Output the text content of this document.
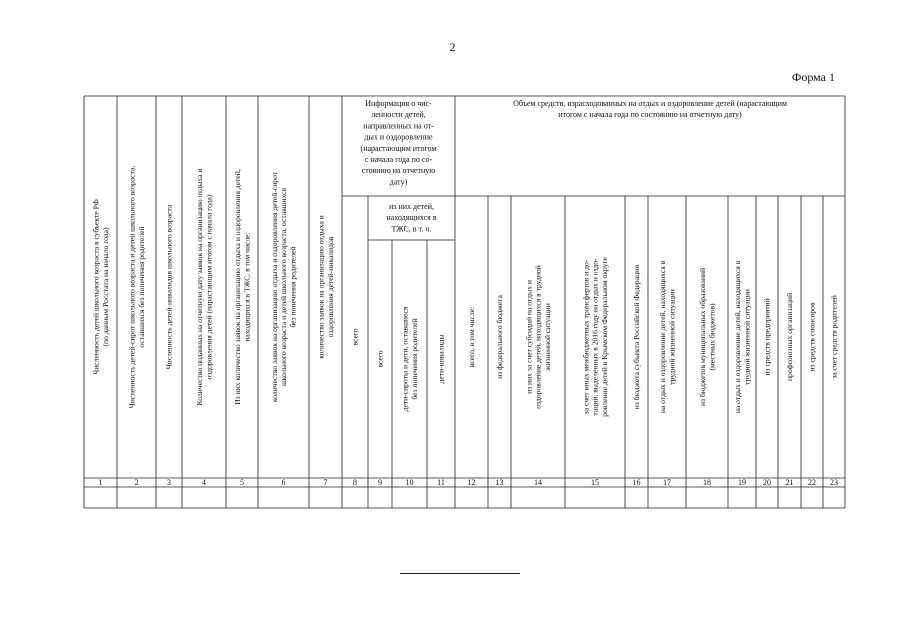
2
Форма 1
Численность детей школьного возраста в субъекте РФ (по данным Росстата на начало года)
1
Численность детей-сирот школьного возраста и детей школьного возраста, оставшихся без попечения родителей
2
Численность детей-инвалидов школьного возраста
3
Количество поданных на отчетную дату заявок на организацию отдыха и оздоровления детей (нарастающим итогом с начала года)
4
Из них количество заявок на организацию отдыха и оздоровления детей, находящихся в ТЖС, в том числе:
5
количество заявок на организацию отдыха и оздоровления детей-сирот школьного возраста и детей школьного возраста, оставшихся без попечения родителей
6
количество заявок на организацию отдыха и оздоровления детей-инвалидов
7
всего
8
всего
9
дети-сироты и дети, оставшиеся без попечения родителей
10
дети-инвалиды
11
всего, в том числе:
12
из федерального бюджета
13
из них за счет субсидий на отдых и оздоровление детей, находящихся в трудной жизненной ситуации
14
за счет иных межбюджетных трансфертов и до- таций, выделенных в 2016 году на отдых и оздо- ровление детей в Крымском Федеральном округе
15
из бюджета субъекта Российской Федерации
16
на отдых и оздоровление детей, находящихся в трудной жизненной ситуации
17
из бюджетов муниципальных образований (местных бюджетов)
18
на отдых и оздоровление детей, находящихся в трудной жизненной ситуации
19
из средств предприятий
20
профсоюзных организаций
21
из средств спонсоров
22
за счет средств родителей
23
Информация о чис-
ленности детей,
направленных на от-
дых и оздоровление
(нарастающим итогом
с начала года по со-
стоянию на отчетную
дату)
из них детей,
находящихся в
ТЖС, в т. ч.
Объем средств, израсходованных на отдых и оздоровление детей (нарастающим
итогом с начала года по состоянию на отчетную дату)
